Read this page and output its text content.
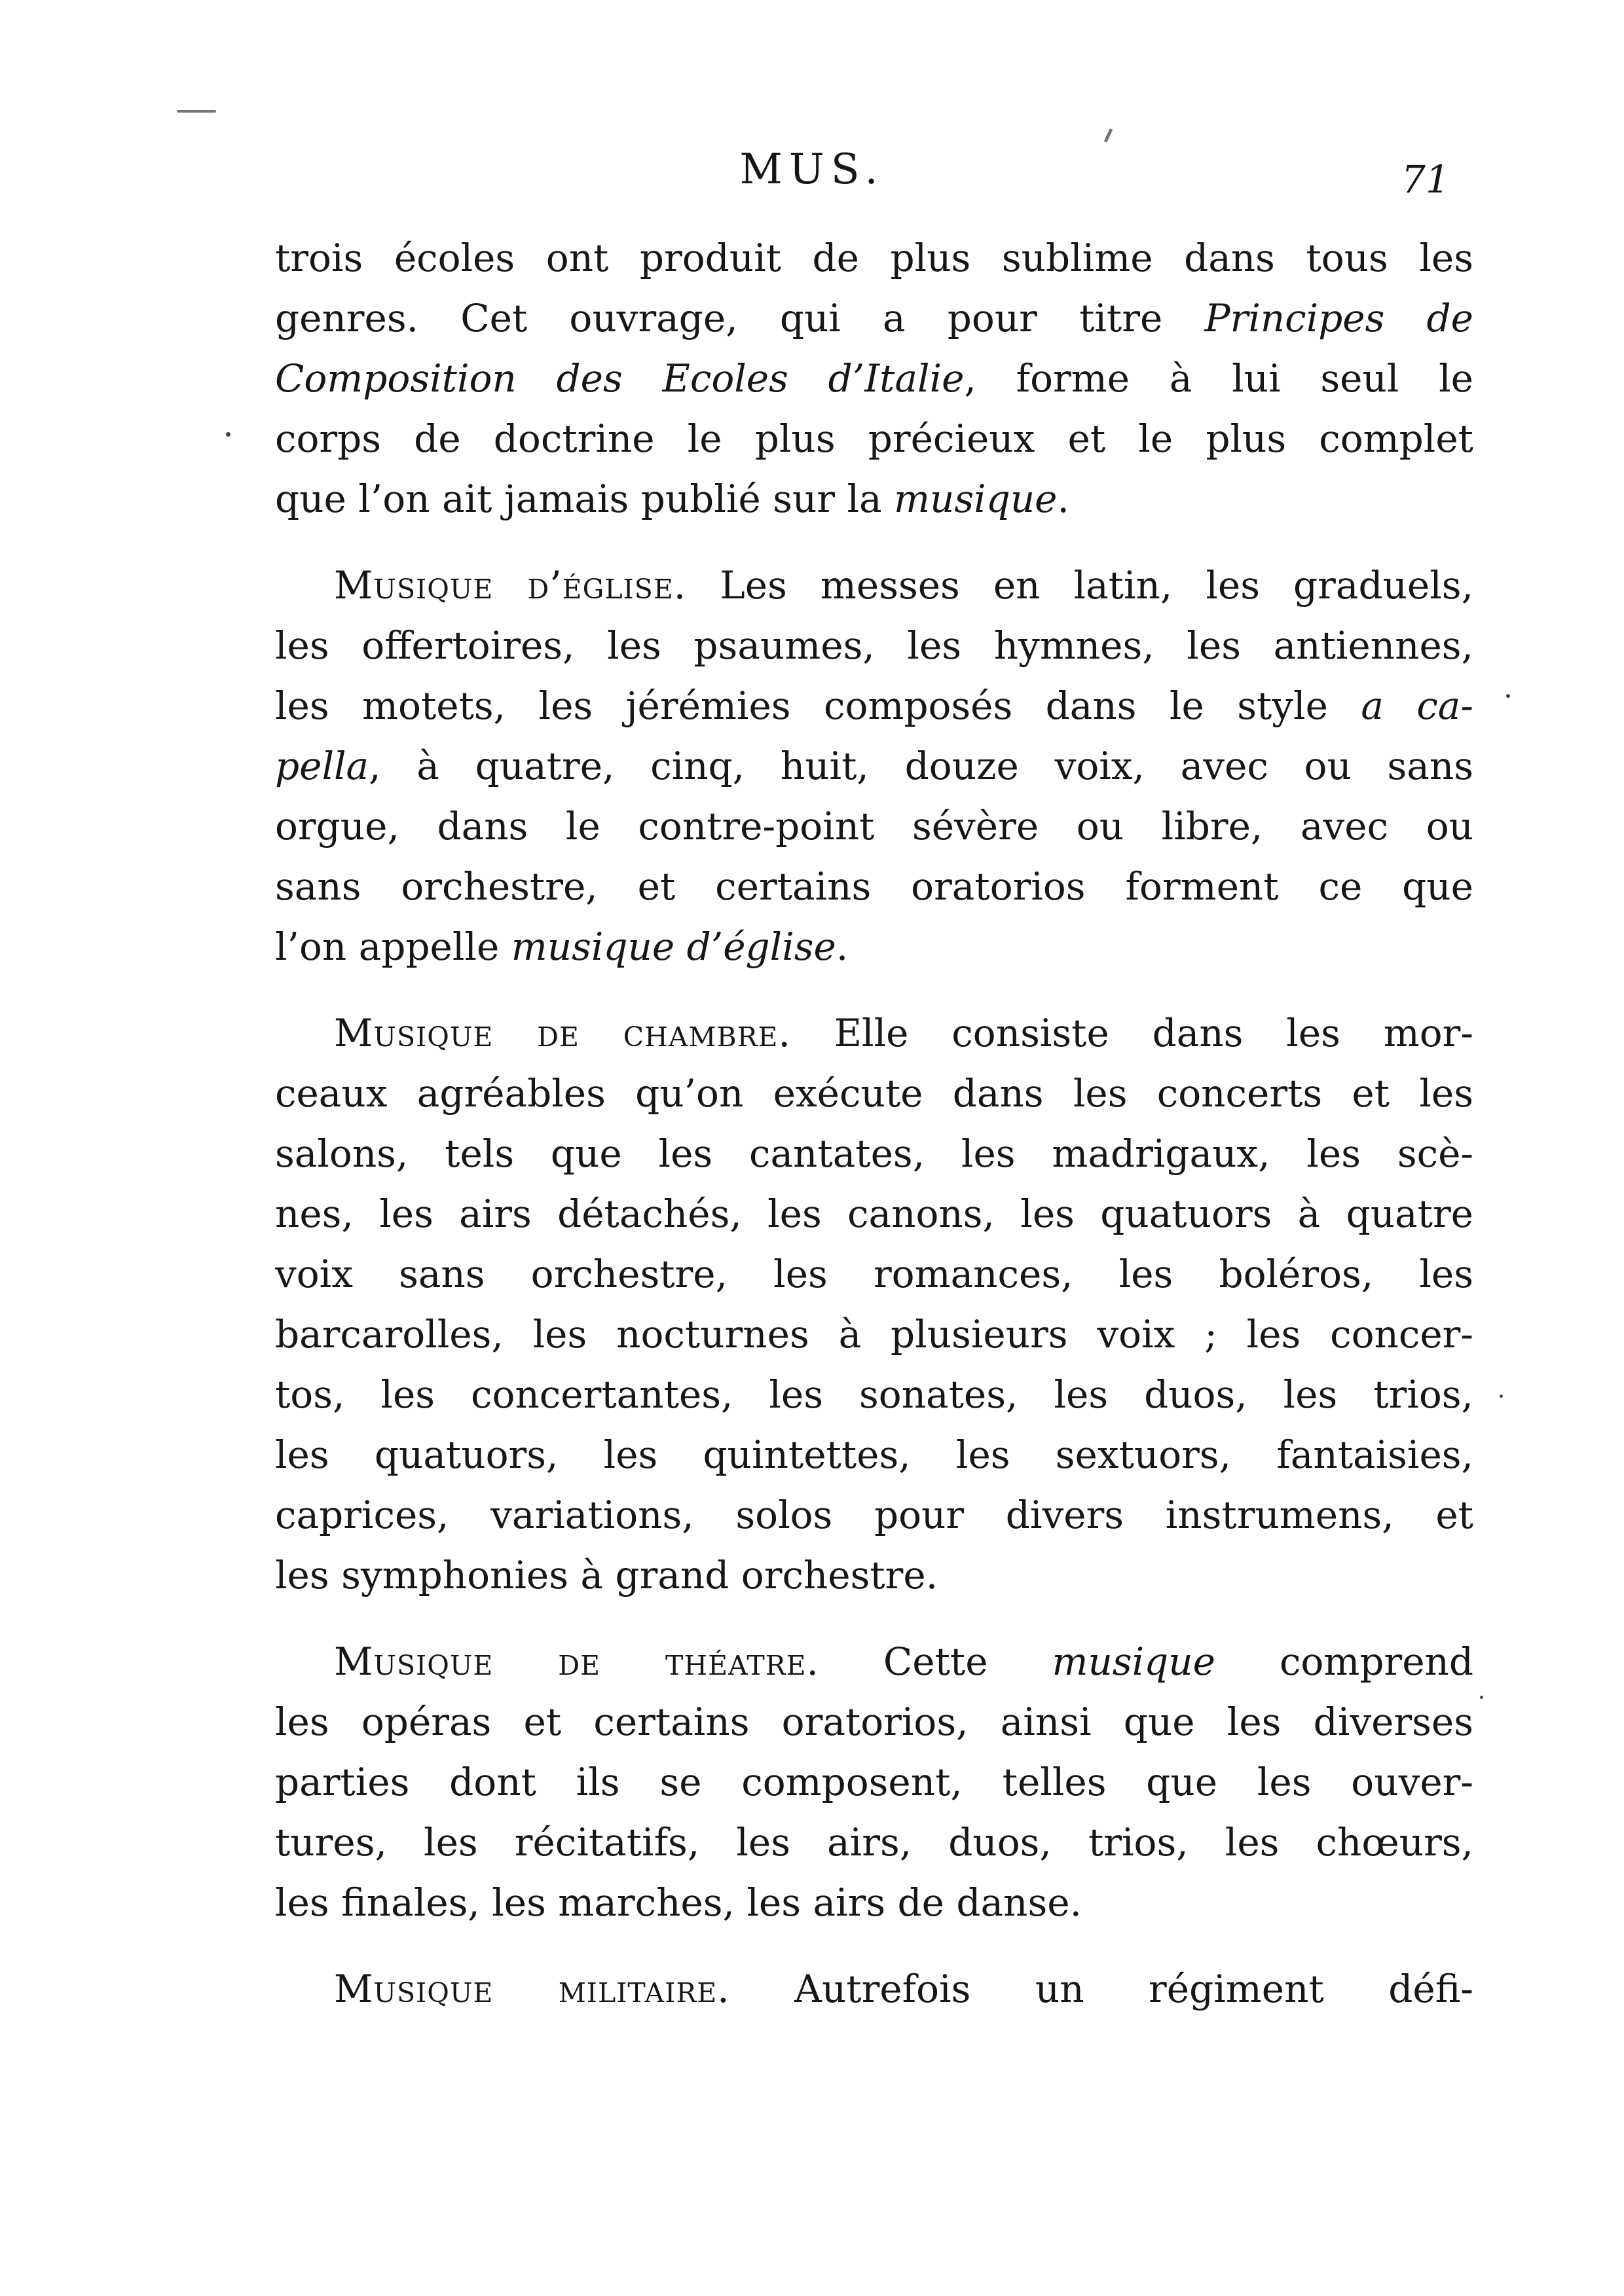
MUS.	71
trois écoles ont produit de plus sublime dans tous les
genres. Cet ouvrage, qui a pour titre Principes de
Composition des Ecoles d’Italie, forme à lui seul le
corps de doctrine le plus précieux et le plus complet
que l’on ait jamais publié sur la musique.
Musique d’église. Les messes en latin, les graduels,
les offertoires, les psaumes, les hymnes, les antiennes,
les motets, les jérémies composés dans le style a ca-
pella, à quatre, cinq, huit, douze voix, avec ou sans
orgue, dans le contre-point sévère ou libre, avec ou
sans orchestre, et certains oratorios forment ce que
l’on appelle musique d’église.
Musique de chambre. Elle consiste dans les mor-
ceaux agréables qu’on exécute dans les concerts et les
salons, tels que les cantates, les madrigaux, les scè-
nes, les airs détachés, les canons, les quatuors à quatre
voix sans orchestre, les romances, les boléros, les
barcarolles, les nocturnes à plusieurs voix ; les concer-
tos, les concertantes, les sonates, les duos, les trios,
les quatuors, les quintettes, les sextuors, fantaisies,
caprices, variations, solos pour divers instrumens, et
les symphonies à grand orchestre.
Musique de théatre. Cette musique comprend
les opéras et certains oratorios, ainsi que les diverses
parties dont ils se composent, telles que les ouver-
tures, les récitatifs, les airs, duos, trios, les chœurs,
les finales, les marches, les airs de danse.
Musique militaire. Autrefois un régiment défi-
